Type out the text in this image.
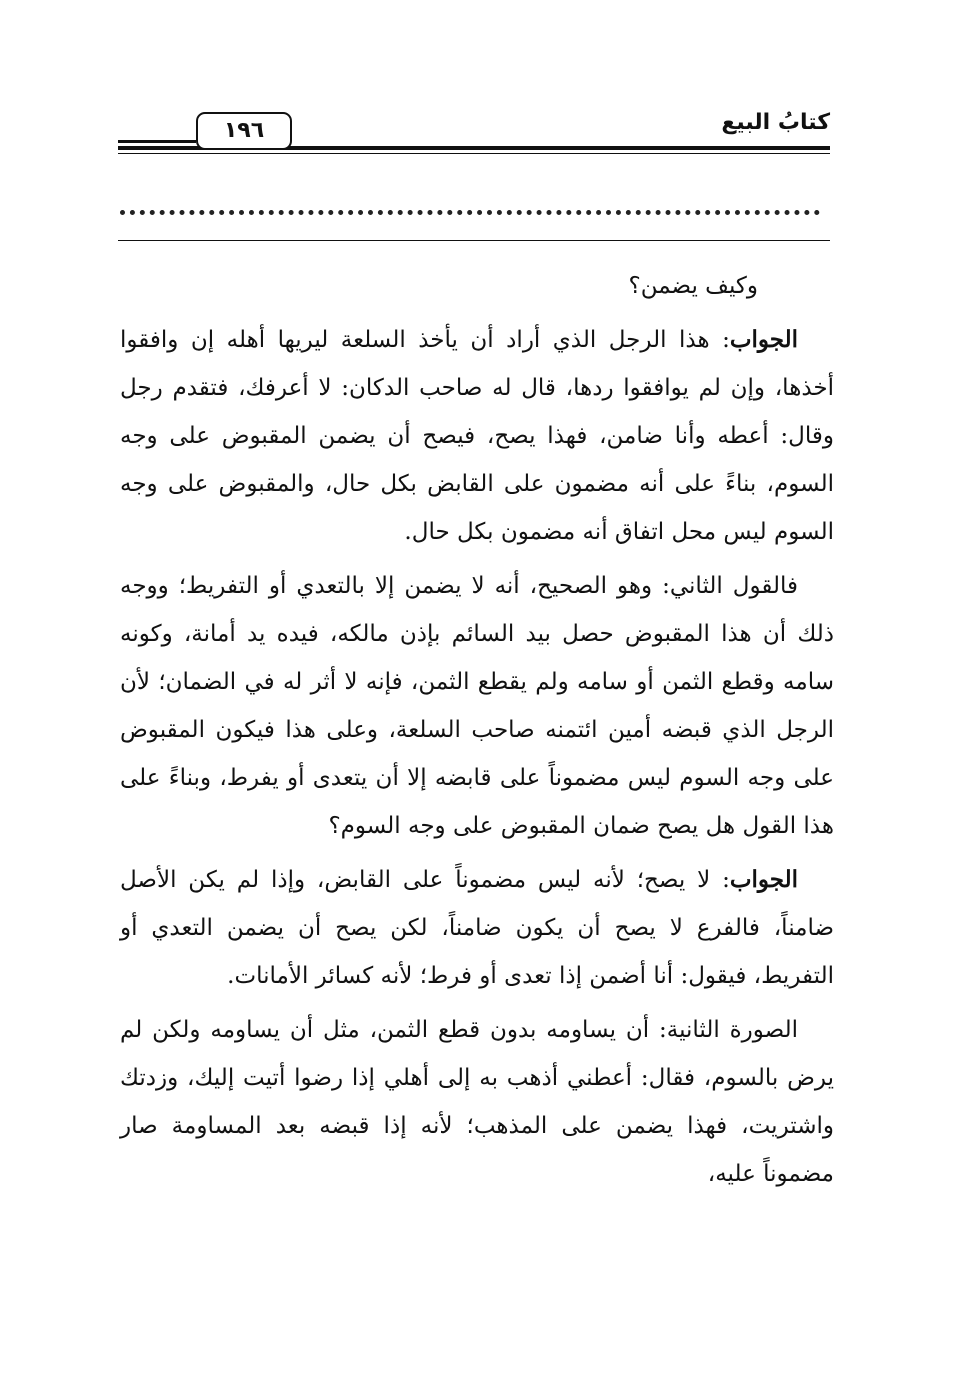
١٩٦	كتابُ البيع

وكيف يضمن؟

الجواب: هذا الرجل الذي أراد أن يأخذ السلعة ليريها أهله إن وافقوا أخذها، وإن لم يوافقوا ردها، قال له صاحب الدكان: لا أعرفك، فتقدم رجل وقال: أعطه وأنا ضامن، فهذا يصح، فيصح أن يضمن المقبوض على وجه السوم، بناءً على أنه مضمون على القابض بكل حال، والمقبوض على وجه السوم ليس محل اتفاق أنه مضمون بكل حال.

فالقول الثاني: وهو الصحيح، أنه لا يضمن إلا بالتعدي أو التفريط؛ ووجه ذلك أن هذا المقبوض حصل بيد السائم بإذن مالكه، فيده يد أمانة، وكونه سامه وقطع الثمن أو سامه ولم يقطع الثمن، فإنه لا أثر له في الضمان؛ لأن الرجل الذي قبضه أمين ائتمنه صاحب السلعة، وعلى هذا فيكون المقبوض على وجه السوم ليس مضموناً على قابضه إلا أن يتعدى أو يفرط، وبناءً على هذا القول هل يصح ضمان المقبوض على وجه السوم؟

الجواب: لا يصح؛ لأنه ليس مضموناً على القابض، وإذا لم يكن الأصل ضامناً، فالفرع لا يصح أن يكون ضامناً، لكن يصح أن يضمن التعدي أو التفريط، فيقول: أنا أضمن إذا تعدى أو فرط؛ لأنه كسائر الأمانات.

الصورة الثانية: أن يساومه بدون قطع الثمن، مثل أن يساومه ولكن لم يرض بالسوم، فقال: أعطني أذهب به إلى أهلي إذا رضوا أتيت إليك، وزدتك واشتريت، فهذا يضمن على المذهب؛ لأنه إذا قبضه بعد المساومة صار مضموناً عليه،
